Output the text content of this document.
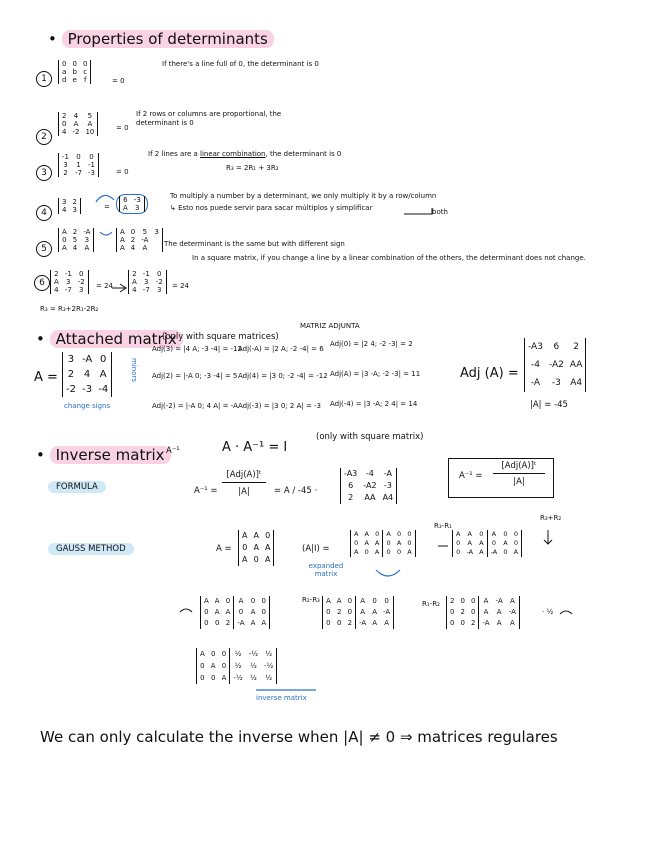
• Properties of determinants
1
0	0	0
a	b	c
d	e	f	= 0
If there's a line full of 0, the determinant is 0
2
2	4	5
0	A	A
4	-2	10	= 0
If 2 rows or columns are proportional, the determinant is 0
3
-1	0	0
3	1	-1
2	-7	-3	= 0
If 2 lines are a linear combination, the determinant is 0
R₃ = 2R₁ + 3R₂
4
3	2
4	3	=
6	-3
A	3
To multiply a number by a determinant, we only multiply it by a row/column
↳ Esto nos puede servir para sacar múltiplos y simplificar	both
5
A	2	-A
0	5	3
A	4	A
A	0	5	3
A	2	-A	
A	4	A	The determinant is the same but with different sign
6
2	-1	0
A	3	-2
4	-7	3 = 24
2	-1	0
A	3	-2
4	-7	3 = 24
In a square matrix, if you change a line by a linear combination of the others, the determinant does not change.
R₃ = R₃+2R₁-2R₂
• Attached matrix
(only with square matrices)
MATRIZ ADJUNTA
A =
3	-A	0
2	4	A
-2	-3	-4
minors
change signs
Adj(3) = |4 A; -3 -4| = -12
Adj(-A) = |2 A; -2 -4| = 6
Adj(0) = |2 4; -2 -3| = 2
Adj(2) = |-A 0; -3 -4| = 5 Adj(4) = |3 0; -2 -4| = -12 Adj(A) = |3 -A; -2 -3| = 11
Adj(-2) = |-A 0; 4 A| = -A Adj(-3) = |3 0; 2 A| = -3 Adj(-4) = |3 -A; 2 4| = 14
Adj (A) =
-A3	6	2
-4	-A2	AA
-A	-3	A4
|A| = -45
• Inverse matrix A⁻¹	A · A⁻¹ = I
(only with square matrix)
FORMULA	A⁻¹ =
[Adj(A)]ᵗ
|A|	= A / -45 ·
-A3	-4	-A
6	-A2	-3
2	AA	A4
A⁻¹ =
[Adj(A)]ᵗ
|A|
GAUSS METHOD	A =
A	A	0
0	A	A
A	0	A
(A|I) =
expanded matrix
A	A	0	A	0	0
0	A	A	0	A	0
A	0	A	0	0	A
R₃-R₁
A	A	0	A	0	0
0	A	A	0	A	0
0	-A	A	-A	0	A
R₃+R₂
A	A	0	A	0	0
0	A	A	0	A	0
0	0	2	-A	A	A
R₂-R₃ A	A	0	A	0	0
0	2	0	A	A	-A
0	0	2	-A	A	A
R₁-R₂ 2	0	0	A	-A	A
0	2	0	A	A	-A
0	0	2	-A	A	A
· ½
A	0	0	½	-½	½
0	A	0	½	½	-½
0	0	A	-½	½	½
inverse matrix
We can only calculate the inverse when |A| ≠ 0 ⇒ matrices regulares
